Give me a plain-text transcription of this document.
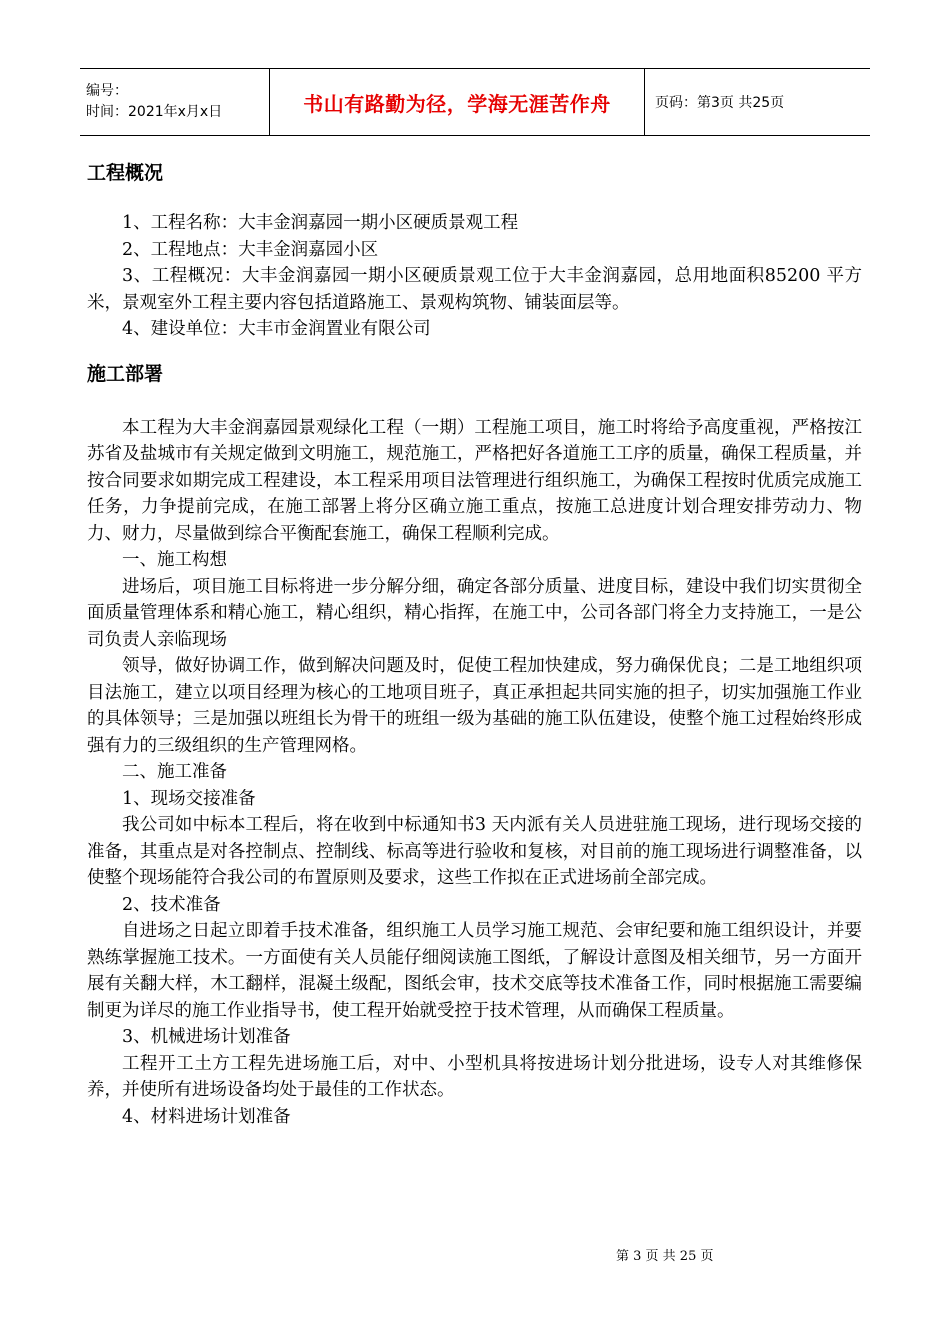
编号：
时间：2021年x月x日	书山有路勤为径，学海无涯苦作舟	页码：第3页 共25页
工程概况

1、工程名称：大丰金润嘉园一期小区硬质景观工程

2、工程地点：大丰金润嘉园小区

3、工程概况：大丰金润嘉园一期小区硬质景观工位于大丰金润嘉园，总用地面积85200 平方米，景观室外工程主要内容包括道路施工、景观构筑物、铺装面层等。

4、建设单位：大丰市金润置业有限公司

施工部署

本工程为大丰金润嘉园景观绿化工程（一期）工程施工项目，施工时将给予高度重视，严格按江苏省及盐城市有关规定做到文明施工，规范施工，严格把好各道施工工序的质量，确保工程质量，并按合同要求如期完成工程建设，本工程采用项目法管理进行组织施工，为确保工程按时优质完成施工任务，力争提前完成，在施工部署上将分区确立施工重点，按施工总进度计划合理安排劳动力、物力、财力，尽量做到综合平衡配套施工，确保工程顺利完成。

一、施工构想

进场后，项目施工目标将进一步分解分细，确定各部分质量、进度目标，建设中我们切实贯彻全面质量管理体系和精心施工，精心组织，精心指挥，在施工中，公司各部门将全力支持施工，一是公司负责人亲临现场

领导，做好协调工作，做到解决问题及时，促使工程加快建成，努力确保优良；二是工地组织项目法施工，建立以项目经理为核心的工地项目班子，真正承担起共同实施的担子，切实加强施工作业的具体领导；三是加强以班组长为骨干的班组一级为基础的施工队伍建设，使整个施工过程始终形成强有力的三级组织的生产管理网格。

二、施工准备

1、现场交接准备

我公司如中标本工程后，将在收到中标通知书3 天内派有关人员进驻施工现场，进行现场交接的准备，其重点是对各控制点、控制线、标高等进行验收和复核，对目前的施工现场进行调整准备，以使整个现场能符合我公司的布置原则及要求，这些工作拟在正式进场前全部完成。

2、技术准备

自进场之日起立即着手技术准备，组织施工人员学习施工规范、会审纪要和施工组织设计，并要熟练掌握施工技术。一方面使有关人员能仔细阅读施工图纸，了解设计意图及相关细节，另一方面开展有关翻大样，木工翻样，混凝土级配，图纸会审，技术交底等技术准备工作，同时根据施工需要编制更为详尽的施工作业指导书，使工程开始就受控于技术管理，从而确保工程质量。

3、机械进场计划准备

工程开工土方工程先进场施工后，对中、小型机具将按进场计划分批进场，设专人对其维修保养，并使所有进场设备均处于最佳的工作状态。

4、材料进场计划准备

第 3 页 共 25 页
